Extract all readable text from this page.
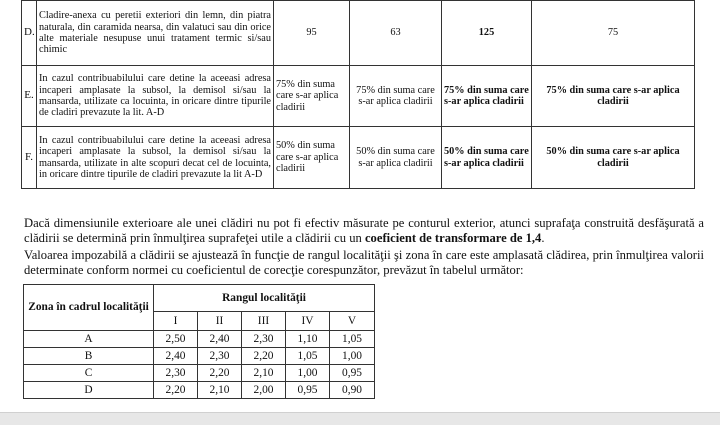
D.	Cladire-anexa cu peretii exteriori din lemn, din piatra naturala, din caramida nearsa, din valatuci sau din orice alte materiale nesupuse unui tratament termic si/sau chimic	95	63	125	75
E.	In cazul contribuabilului care detine la aceeasi adresa incaperi amplasate la subsol, la demisol si/sau la mansarda, utilizate ca locuinta, in oricare dintre tipurile de cladiri prevazute la lit. A-D	75% din suma care s-ar aplica cladirii	75% din suma care s-ar aplica cladirii	75% din suma care s-ar aplica cladirii	75% din suma care s-ar aplica cladirii
F.	In cazul contribuabilului care detine la aceeasi adresa incaperi amplasate la subsol, la demisol si/sau la mansarda, utilizate in alte scopuri decat cel de locuinta, in oricare dintre tipurile de cladiri prevazute la lit A-D	50% din suma care s-ar aplica cladirii	50% din suma care s-ar aplica cladirii	50% din suma care s-ar aplica cladirii	50% din suma care s-ar aplica cladirii

Dacă dimensiunile exterioare ale unei clădiri nu pot fi efectiv măsurate pe conturul exterior, atunci suprafaţa construită desfăşurată a clădirii se determină prin înmulţirea suprafeţei utile a clădirii cu un coeficient de transformare de 1,4.

Valoarea impozabilă a clădirii se ajustează în funcţie de rangul localităţii şi zona în care este amplasată clădirea, prin înmulţirea valorii determinate conform normei cu coeficientul de corecţie corespunzător, prevăzut în tabelul următor:

Zona în cadrul localităţii	Rangul localităţii				
	I	II	III	IV	V
A	2,50	2,40	2,30	1,10	1,05
B	2,40	2,30	2,20	1,05	1,00
C	2,30	2,20	2,10	1,00	0,95
D	2,20	2,10	2,00	0,95	0,90
